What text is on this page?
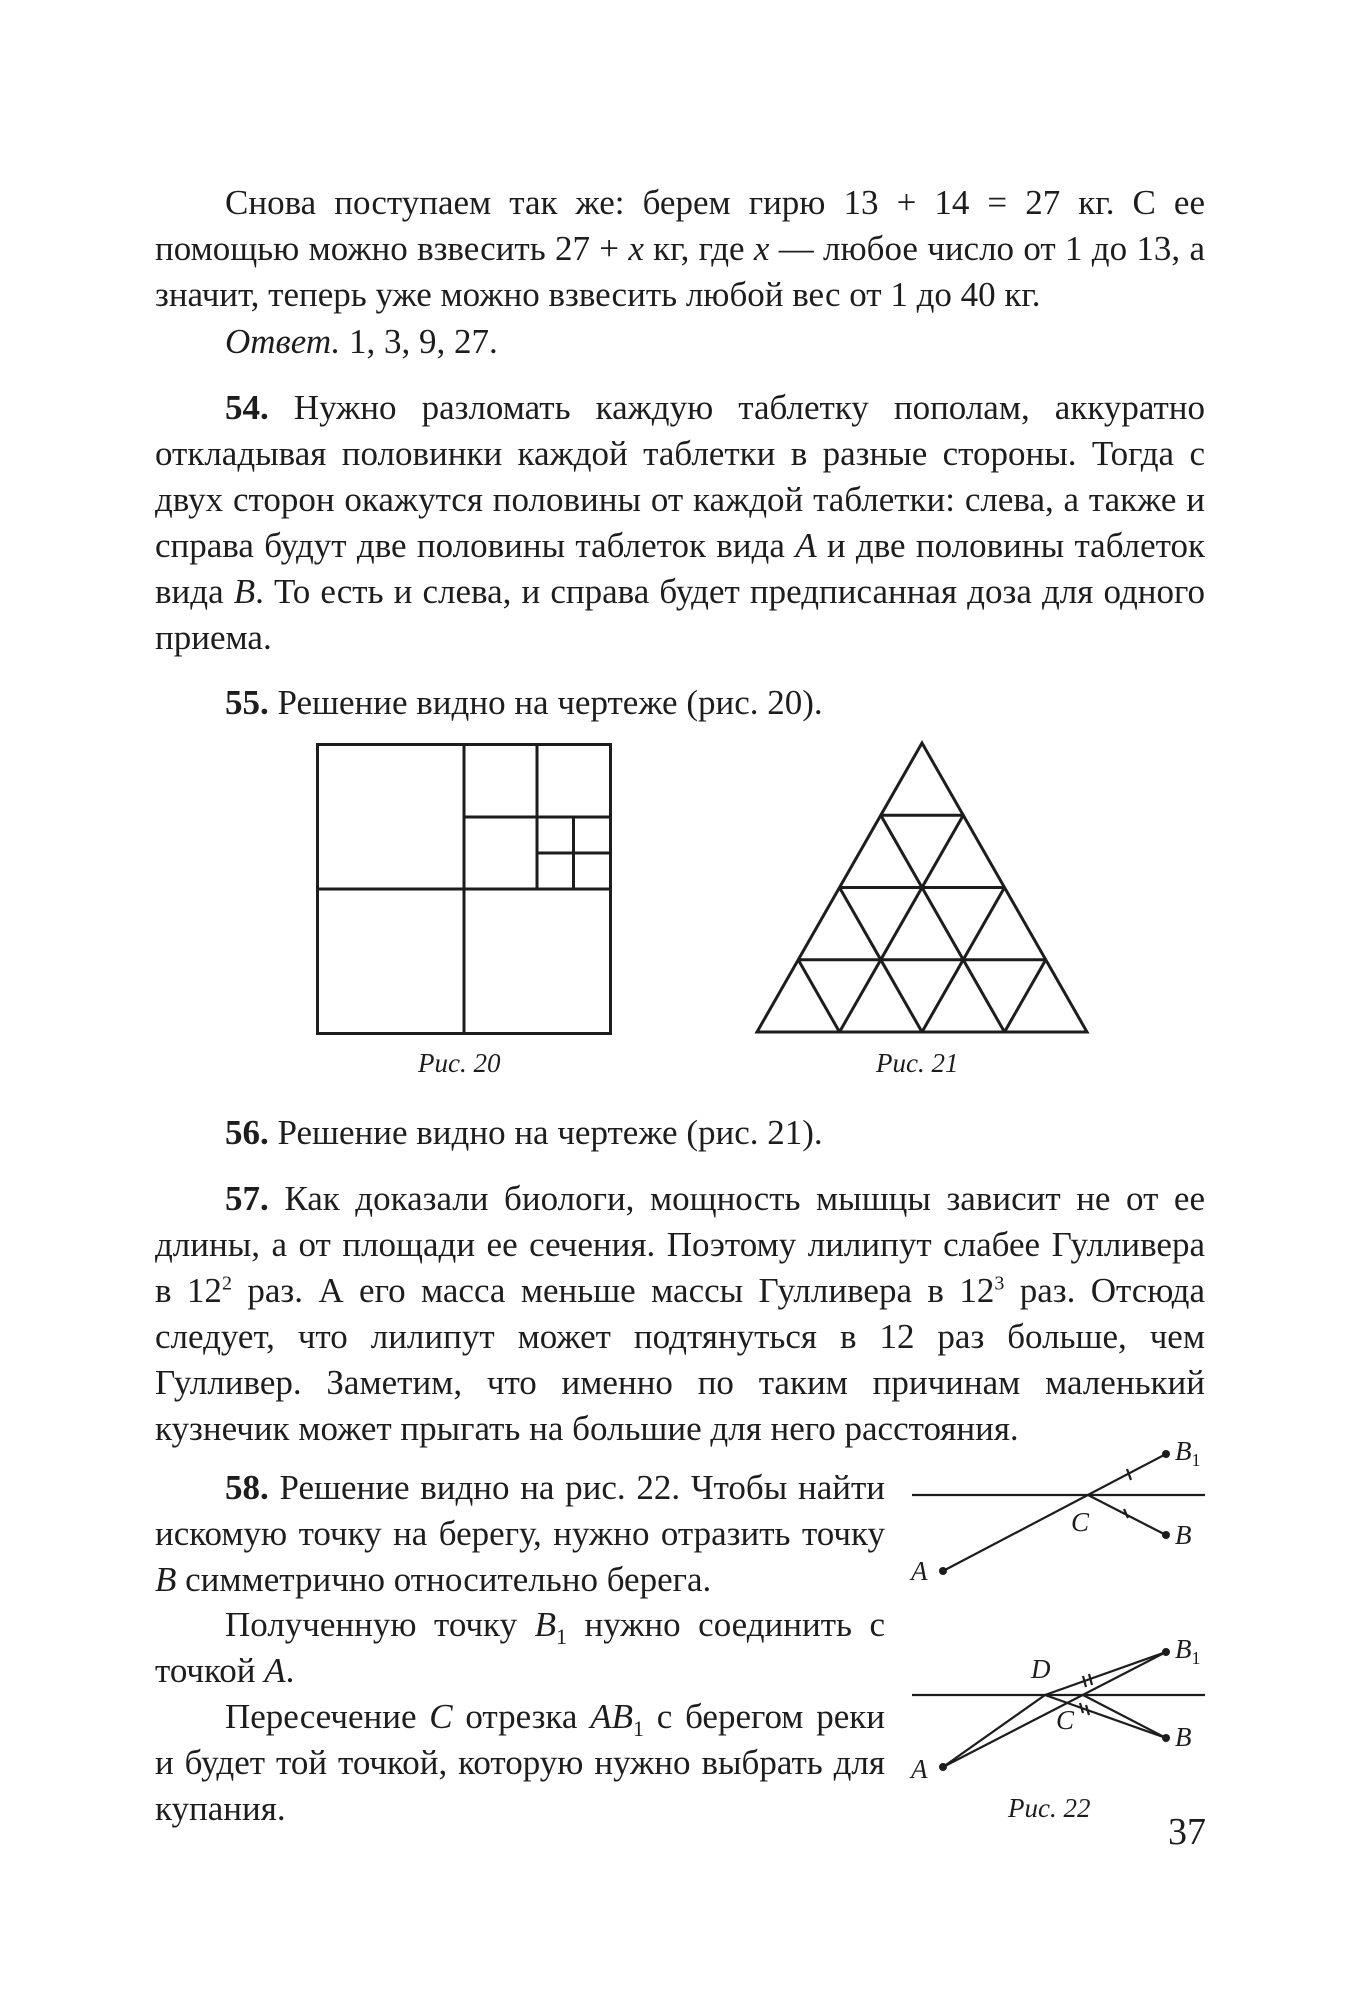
Снова поступаем так же: берем гирю 13 + 14 = 27 кг. С ее помощью можно взвесить 27 + x кг, где x — любое число от 1 до 13, а значит, теперь уже можно взвесить любой вес от 1 до 40 кг.

Ответ. 1, 3, 9, 27.

54. Нужно разломать каждую таблетку пополам, аккуратно откладывая половинки каждой таблетки в разные стороны. Тогда с двух сторон окажутся половины от каждой таблетки: слева, а также и справа будут две половины таблеток вида A и две половины таблеток вида B. То есть и слева, и справа будет предписанная доза для одного приема.

55. Решение видно на чертеже (рис. 20).

Рис. 20	Рис. 21

56. Решение видно на чертеже (рис. 21).

57. Как доказали биологи, мощность мышцы зависит не от ее длины, а от площади ее сечения. Поэтому лилипут слабее Гулливера в $12^2$ раз. А его масса меньше массы Гулливера в $12^3$ раз. Отсюда следует, что лилипут может подтянуться в 12 раз больше, чем Гулливер. Заметим, что именно по таким причинам маленький кузнечик может прыгать на большие для него расстояния.

58. Решение видно на рис. 22. Чтобы найти искомую точку на берегу, нужно отразить точку B симметрично относительно берега.

Полученную точку $B_1$ нужно соединить с точкой A.

Пересечение C отрезка $AB_1$ с берегом реки и будет той точкой, которую нужно выбрать для купания.

$B_1$
C	B
A
D
$B_1$
C
B
A
Рис. 22
37
